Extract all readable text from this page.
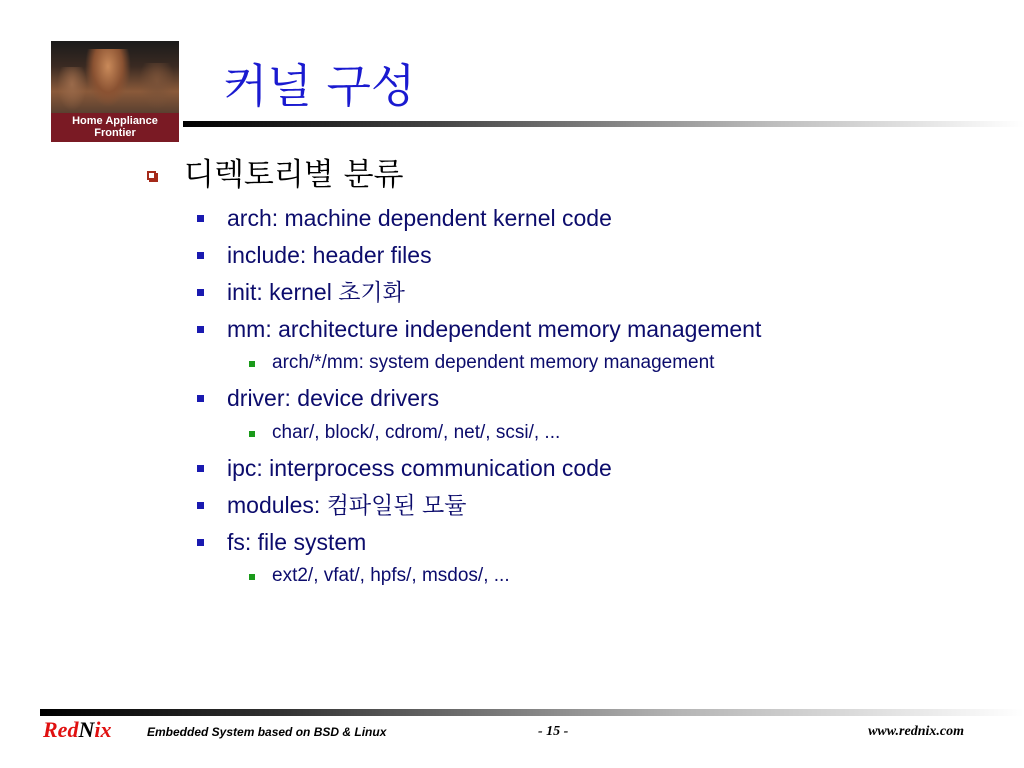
Home Appliance
Frontier
커널 구성
디렉토리별 분류
arch: machine dependent kernel code
include: header files
init: kernel 초기화
mm: architecture independent memory management
arch/*/mm: system dependent memory management
driver: device drivers
char/, block/, cdrom/, net/, scsi/, ...
ipc: interprocess communication code
modules: 컴파일된 모듈
fs: file system
ext2/, vfat/, hpfs/, msdos/, ...
RedNix	Embedded System based on BSD & Linux	- 15 -	www.rednix.com
